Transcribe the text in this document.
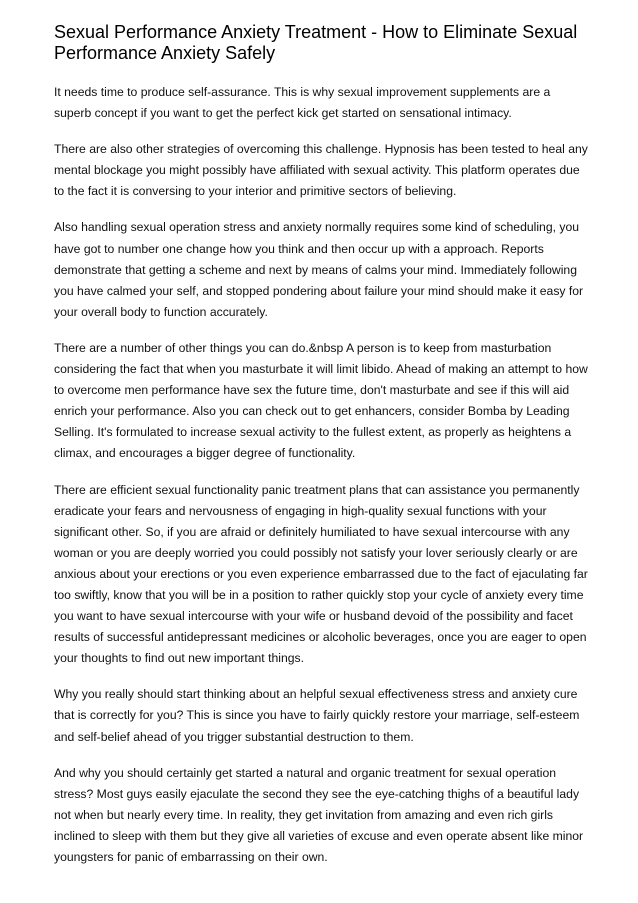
Sexual Performance Anxiety Treatment - How to Eliminate Sexual Performance Anxiety Safely

It needs time to produce self-assurance. This is why sexual improvement supplements are a superb concept if you want to get the perfect kick get started on sensational intimacy.

There are also other strategies of overcoming this challenge. Hypnosis has been tested to heal any mental blockage you might possibly have affiliated with sexual activity. This platform operates due to the fact it is conversing to your interior and primitive sectors of believing.

Also handling sexual operation stress and anxiety normally requires some kind of scheduling, you have got to number one change how you think and then occur up with a approach. Reports demonstrate that getting a scheme and next by means of calms your mind. Immediately following you have calmed your self, and stopped pondering about failure your mind should make it easy for your overall body to function accurately.

There are a number of other things you can do.&nbsp A person is to keep from masturbation considering the fact that when you masturbate it will limit libido. Ahead of making an attempt to how to overcome men performance have sex the future time, don't masturbate and see if this will aid enrich your performance. Also you can check out to get enhancers, consider Bomba by Leading Selling. It's formulated to increase sexual activity to the fullest extent, as properly as heightens a climax, and encourages a bigger degree of functionality.

There are efficient sexual functionality panic treatment plans that can assistance you permanently eradicate your fears and nervousness of engaging in high-quality sexual functions with your significant other. So, if you are afraid or definitely humiliated to have sexual intercourse with any woman or you are deeply worried you could possibly not satisfy your lover seriously clearly or are anxious about your erections or you even experience embarrassed due to the fact of ejaculating far too swiftly, know that you will be in a position to rather quickly stop your cycle of anxiety every time you want to have sexual intercourse with your wife or husband devoid of the possibility and facet results of successful antidepressant medicines or alcoholic beverages, once you are eager to open your thoughts to find out new important things.

Why you really should start thinking about an helpful sexual effectiveness stress and anxiety cure that is correctly for you? This is since you have to fairly quickly restore your marriage, self-esteem and self-belief ahead of you trigger substantial destruction to them.

And why you should certainly get started a natural and organic treatment for sexual operation stress? Most guys easily ejaculate the second they see the eye-catching thighs of a beautiful lady not when but nearly every time. In reality, they get invitation from amazing and even rich girls inclined to sleep with them but they give all varieties of excuse and even operate absent like minor youngsters for panic of embarrassing on their own.
